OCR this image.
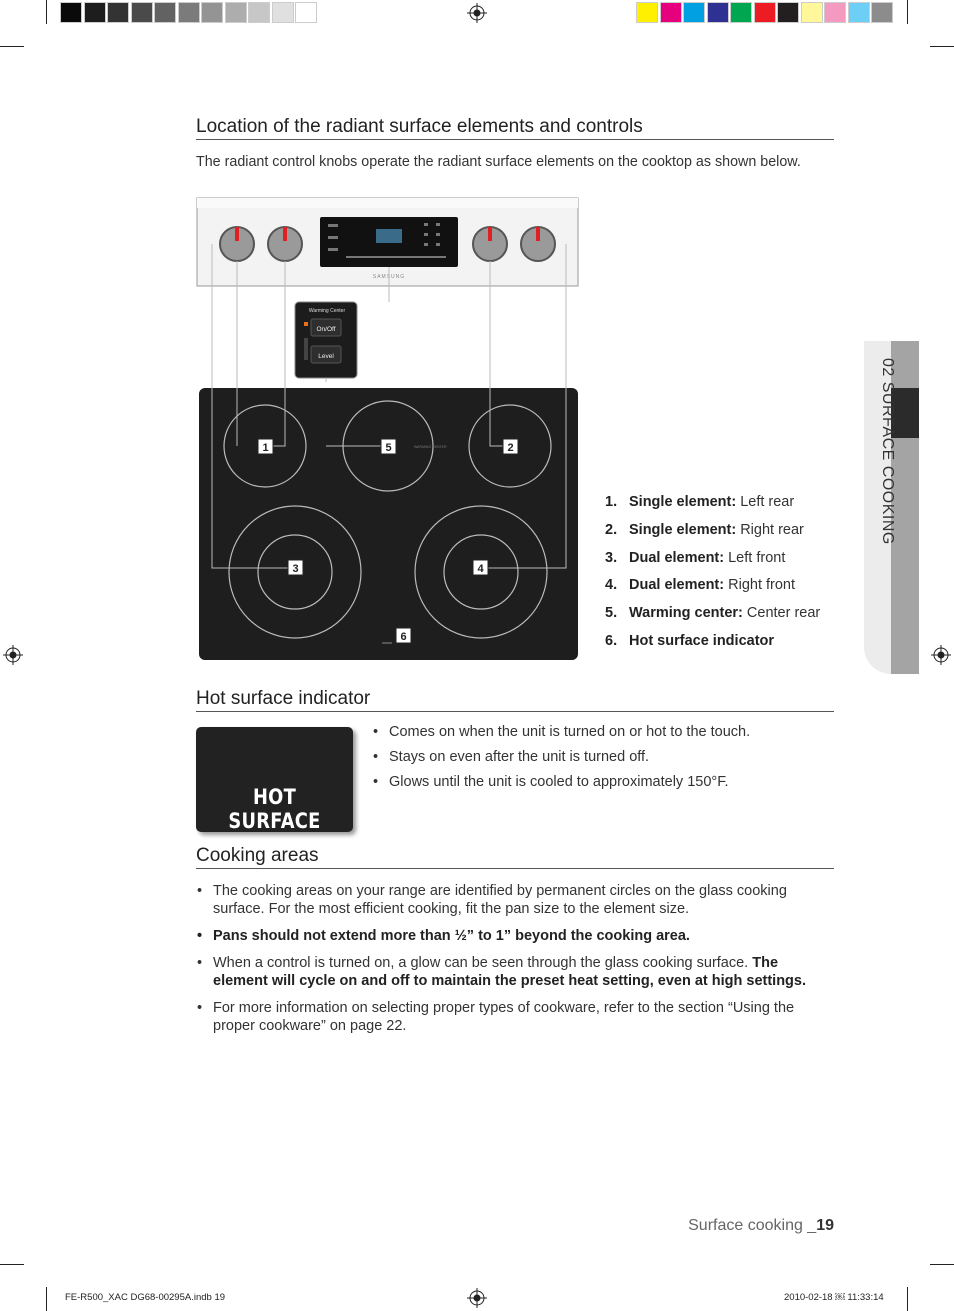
Location of the radiant surface elements and controls
The radiant control knobs operate the radiant surface elements on the cooktop as shown below.
SAMSUNG
Warming Center
On/Off
Level
WARMING CENTER
1	2
3	4
5
6
1. Single element: Left rear
2. Single element: Right rear
3. Dual element: Left front
4. Dual element: Right front
5. Warming center: Center rear
6. Hot surface indicator
02 SURFACE COOKING
Hot surface indicator
HOT SURFACE
• Comes on when the unit is turned on or hot to the touch.
• Stays on even after the unit is turned off.
• Glows until the unit is cooled to approximately 150°F.
Cooking areas
• The cooking areas on your range are identified by permanent circles on the glass cooking surface. For the most efficient cooking, fit the pan size to the element size.
• Pans should not extend more than ½” to 1” beyond the cooking area.
• When a control is turned on, a glow can be seen through the glass cooking surface. The element will cycle on and off to maintain the preset heat setting, even at high settings.
• For more information on selecting proper types of cookware, refer to the section “Using the proper cookware” on page 22.
Surface cooking _19
FE-R500_XAC DG68-00295A.indb 19	2010-02-18 ￼ 11:33:14
